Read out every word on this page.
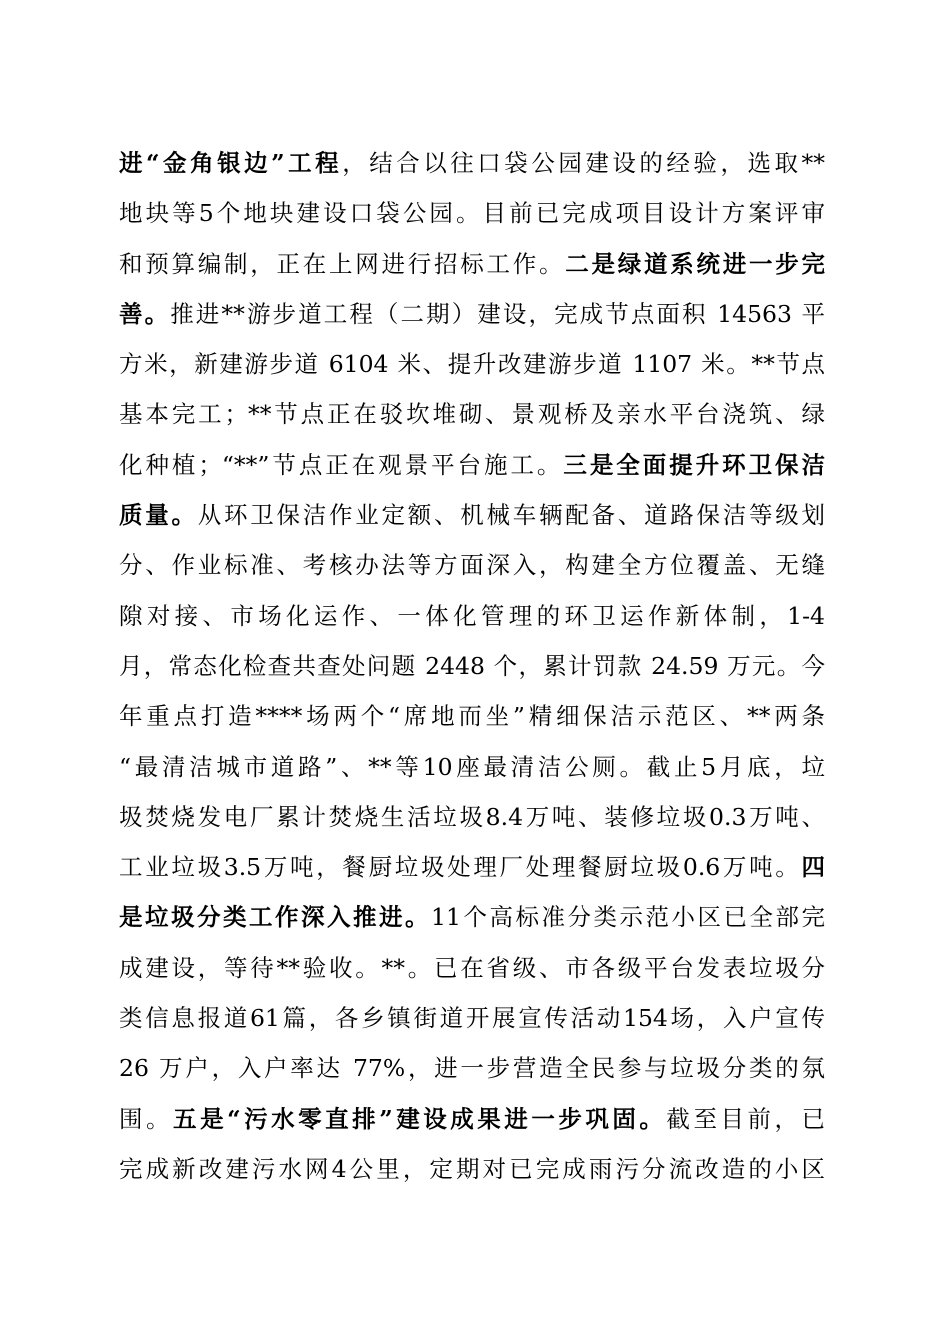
进“金角银边”工程，结合以往口袋公园建设的经验，选取**
地块等5个地块建设口袋公园。目前已完成项目设计方案评审
和预算编制，正在上网进行招标工作。二是绿道系统进一步完
善。推进**游步道工程（二期）建设，完成节点面积 14563 平
方米，新建游步道 6104 米、提升改建游步道 1107 米。**节点
基本完工；**节点正在驳坎堆砌、景观桥及亲水平台浇筑、绿
化种植；“**”节点正在观景平台施工。三是全面提升环卫保洁
质量。从环卫保洁作业定额、机械车辆配备、道路保洁等级划
分、作业标准、考核办法等方面深入，构建全方位覆盖、无缝
隙对接、市场化运作、一体化管理的环卫运作新体制，1-4
月，常态化检查共查处问题 2448 个，累计罚款 24.59 万元。今
年重点打造****场两个“席地而坐”精细保洁示范区、**两条
“最清洁城市道路”、**等10座最清洁公厕。截止5月底，垃
圾焚烧发电厂累计焚烧生活垃圾8.4万吨、装修垃圾0.3万吨、
工业垃圾3.5万吨，餐厨垃圾处理厂处理餐厨垃圾0.6万吨。四
是垃圾分类工作深入推进。11个高标准分类示范小区已全部完
成建设，等待**验收。**。已在省级、市各级平台发表垃圾分
类信息报道61篇，各乡镇街道开展宣传活动154场，入户宣传
26 万户，入户率达 77%，进一步营造全民参与垃圾分类的氛
围。五是“污水零直排”建设成果进一步巩固。截至目前，已
完成新改建污水网4公里，定期对已完成雨污分流改造的小区
